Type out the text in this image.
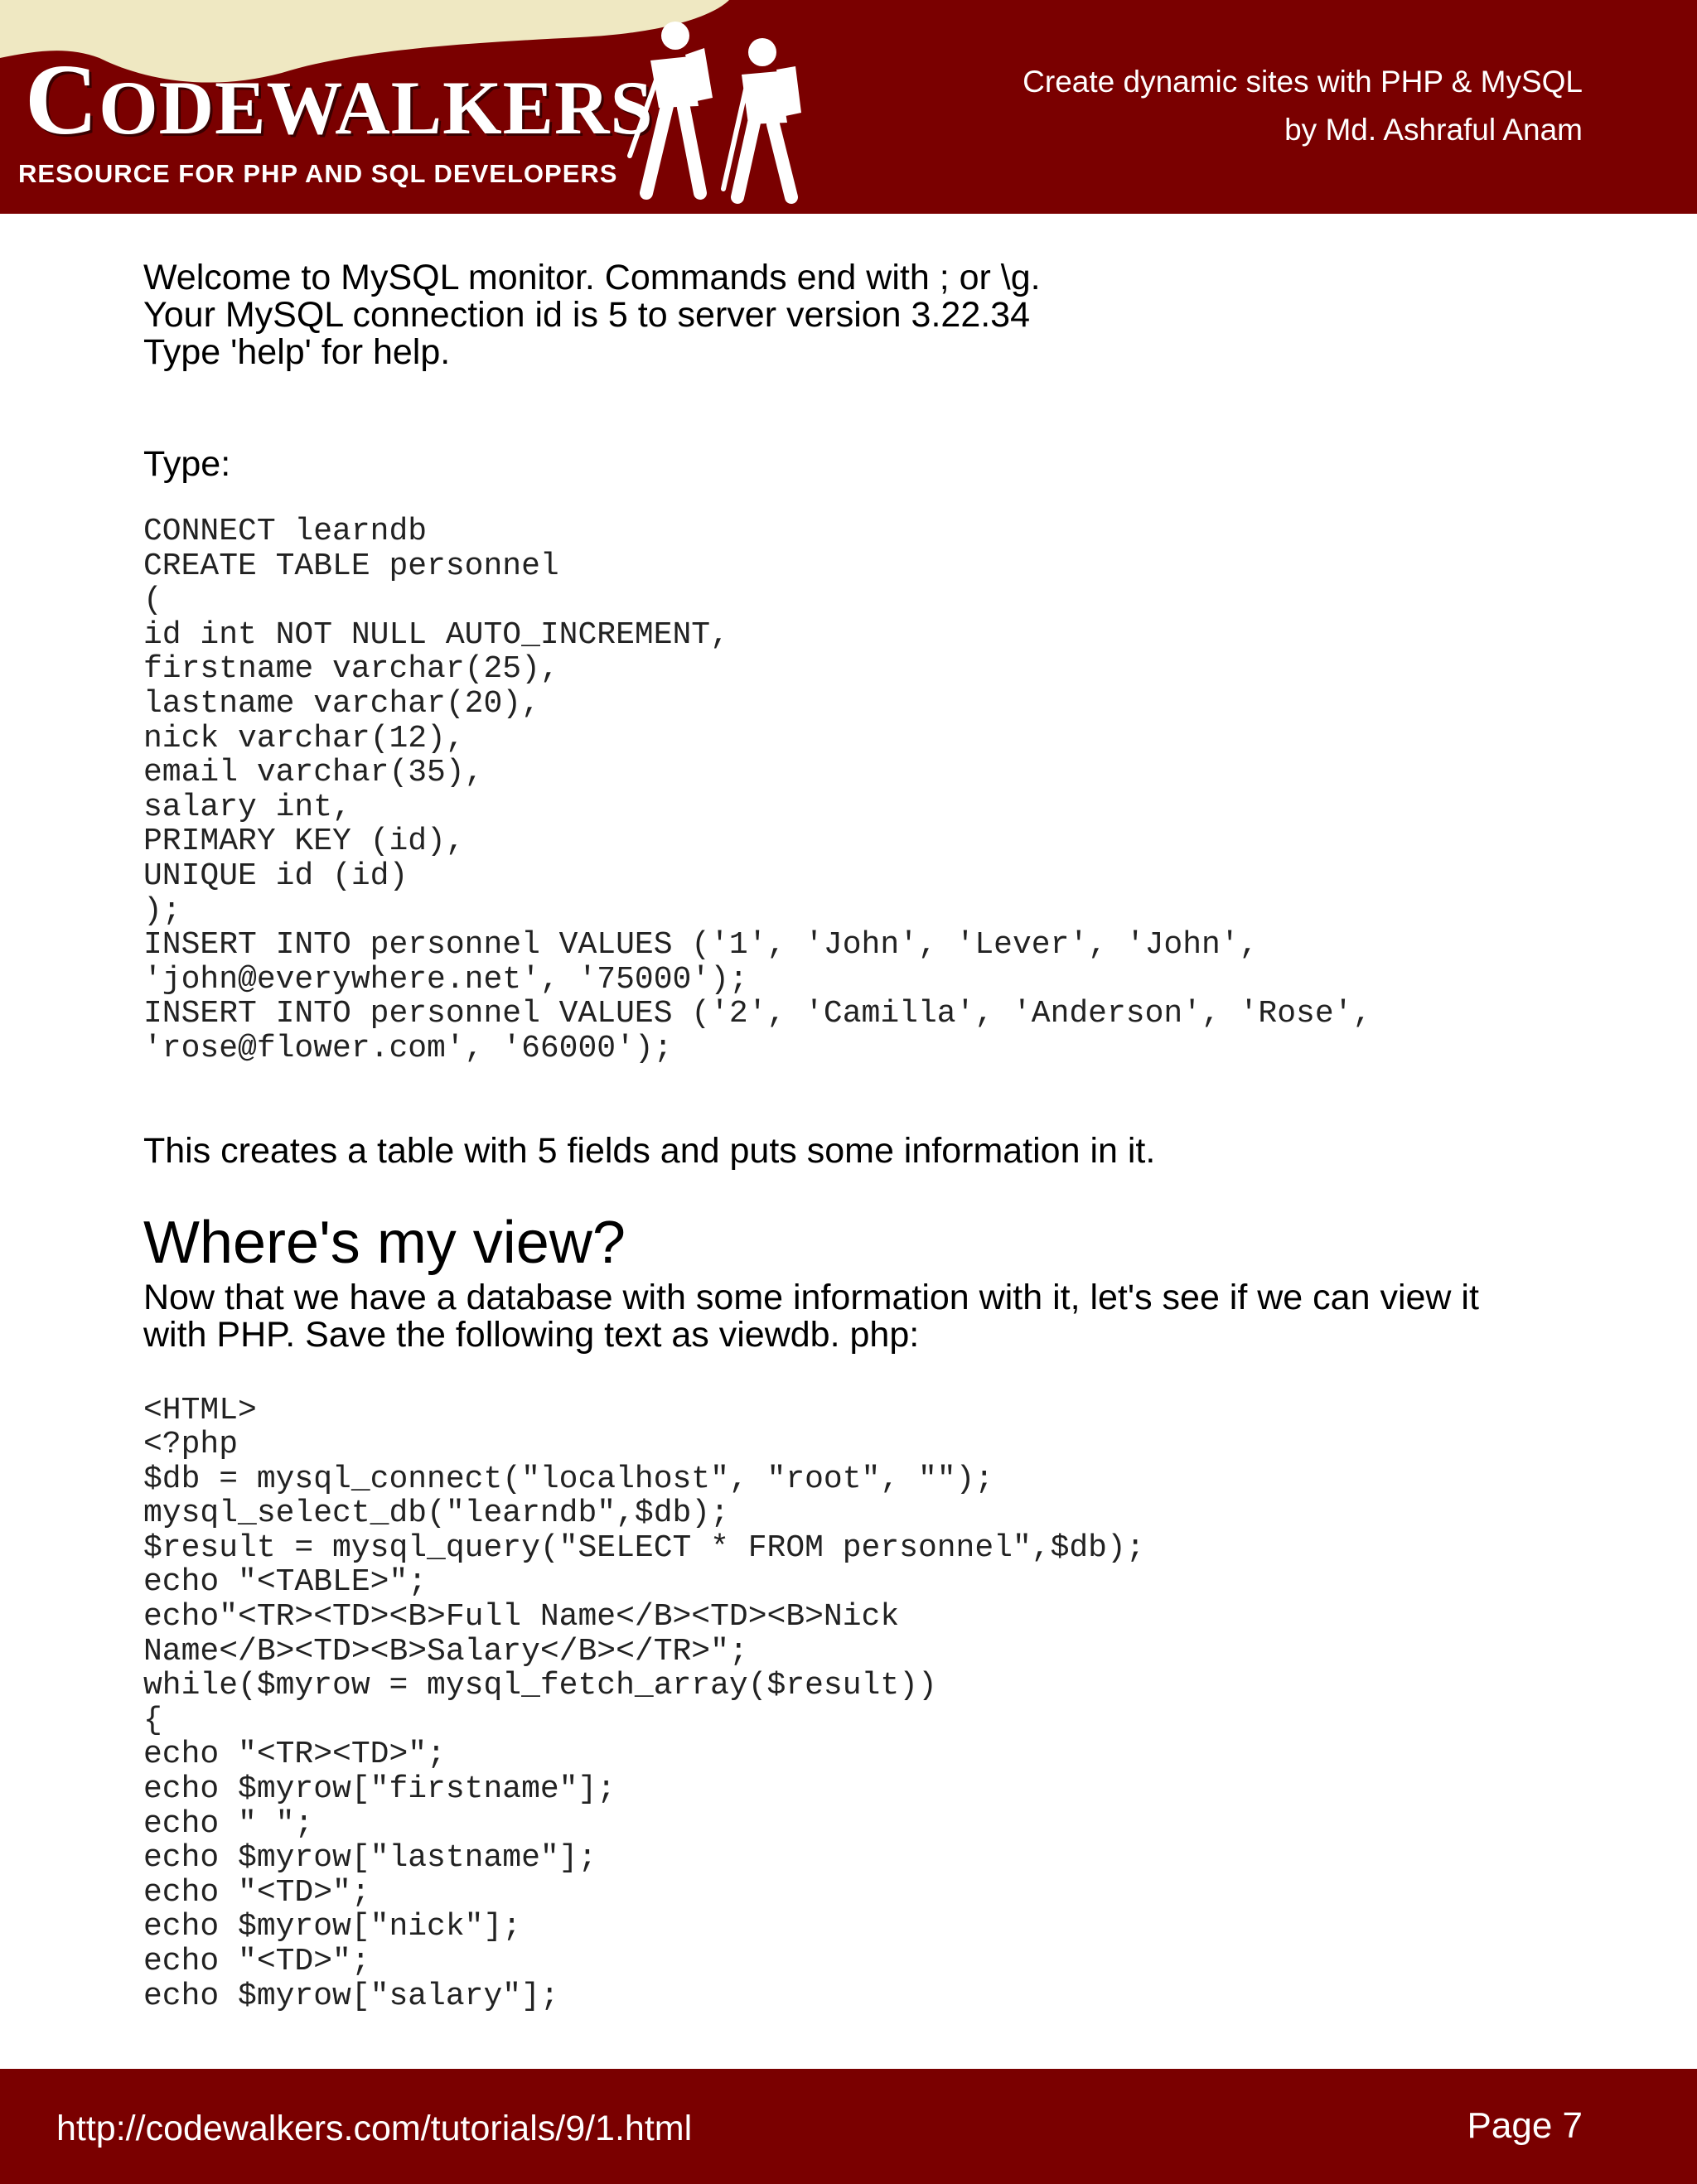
CODEWALKERS
RESOURCE FOR PHP AND SQL DEVELOPERS
Create dynamic sites with PHP & MySQL
by Md. Ashraful Anam

Welcome to MySQL monitor. Commands end with ; or \g.
Your MySQL connection id is 5 to server version 3.22.34
Type 'help' for help.

Type:

CONNECT learndb
CREATE TABLE personnel
(
id int NOT NULL AUTO_INCREMENT,
firstname varchar(25),
lastname varchar(20),
nick varchar(12),
email varchar(35),
salary int,
PRIMARY KEY (id),
UNIQUE id (id)
);
INSERT INTO personnel VALUES ('1', 'John', 'Lever', 'John',
'john@everywhere.net', '75000');
INSERT INTO personnel VALUES ('2', 'Camilla', 'Anderson', 'Rose',
'rose@flower.com', '66000');

This creates a table with 5 fields and puts some information in it.

Where's my view?

Now that we have a database with some information with it, let's see if we can view it
with PHP. Save the following text as viewdb. php:

<HTML>
<?php
$db = mysql_connect("localhost", "root", "");
mysql_select_db("learndb",$db);
$result = mysql_query("SELECT * FROM personnel",$db);
echo "<TABLE>";
echo"<TR><TD><B>Full Name</B><TD><B>Nick
Name</B><TD><B>Salary</B></TR>";
while($myrow = mysql_fetch_array($result))
{
echo "<TR><TD>";
echo $myrow["firstname"];
echo " ";
echo $myrow["lastname"];
echo "<TD>";
echo $myrow["nick"];
echo "<TD>";
echo $myrow["salary"];
http://codewalkers.com/tutorials/9/1.html	Page 7
